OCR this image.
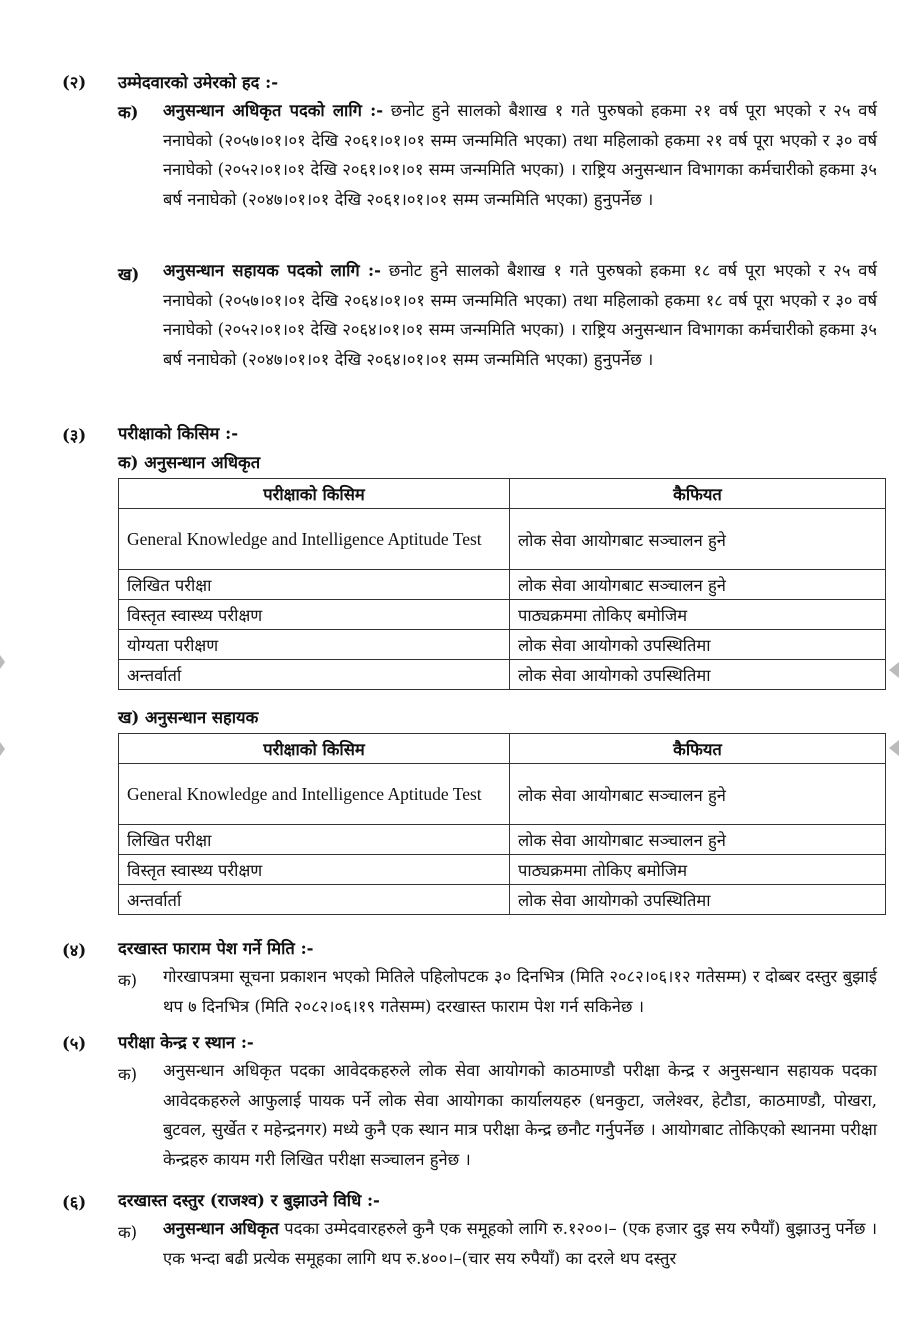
(२) उम्मेदवारको उमेरको हद :-
क) अनुसन्धान अधिकृत पदको लागि :- छनोट हुने सालको बैशाख १ गते पुरुषको हकमा २१ वर्ष पूरा भएको र २५ वर्ष ननाघेको (२०५७।०१।०१ देखि २०६१।०१।०१ सम्म जन्ममिति भएका) तथा महिलाको हकमा २१ वर्ष पूरा भएको र ३० वर्ष ननाघेको (२०५२।०१।०१ देखि २०६१।०१।०१ सम्म जन्ममिति भएका) । राष्ट्रिय अनुसन्धान विभागका कर्मचारीको हकमा ३५ बर्ष ननाघेको (२०४७।०१।०१ देखि २०६१।०१।०१ सम्म जन्ममिति भएका) हुनुपर्नेछ ।
ख) अनुसन्धान सहायक पदको लागि :- छनोट हुने सालको बैशाख १ गते पुरुषको हकमा १८ वर्ष पूरा भएको र २५ वर्ष ननाघेको (२०५७।०१।०१ देखि २०६४।०१।०१ सम्म जन्ममिति भएका) तथा महिलाको हकमा १८ वर्ष पूरा भएको र ३० वर्ष ननाघेको (२०५२।०१।०१ देखि २०६४।०१।०१ सम्म जन्ममिति भएका) । राष्ट्रिय अनुसन्धान विभागका कर्मचारीको हकमा ३५ बर्ष ननाघेको (२०४७।०१।०१ देखि २०६४।०१।०१ सम्म जन्ममिति भएका) हुनुपर्नेछ ।
(३) परीक्षाको किसिम :-
क) अनुसन्धान अधिकृत
परीक्षाको किसिम	कैफियत
General Knowledge and Intelligence Aptitude Test	लोक सेवा आयोगबाट सञ्चालन हुने
लिखित परीक्षा	लोक सेवा आयोगबाट सञ्चालन हुने
विस्तृत स्वास्थ्य परीक्षण	पाठ्यक्रममा तोकिए बमोजिम
योग्यता परीक्षण	लोक सेवा आयोगको उपस्थितिमा
अन्तर्वार्ता	लोक सेवा आयोगको उपस्थितिमा
ख) अनुसन्धान सहायक
परीक्षाको किसिम	कैफियत
General Knowledge and Intelligence Aptitude Test	लोक सेवा आयोगबाट सञ्चालन हुने
लिखित परीक्षा	लोक सेवा आयोगबाट सञ्चालन हुने
विस्तृत स्वास्थ्य परीक्षण	पाठ्यक्रममा तोकिए बमोजिम
अन्तर्वार्ता	लोक सेवा आयोगको उपस्थितिमा
(४) दरखास्त फाराम पेश गर्ने मिति :-
क) गोरखापत्रमा सूचना प्रकाशन भएको मितिले पहिलोपटक ३० दिनभित्र (मिति २०८२।०६।१२ गतेसम्म) र दोब्बर दस्तुर बुझाई थप ७ दिनभित्र (मिति २०८२।०६।१९ गतेसम्म) दरखास्त फाराम पेश गर्न सकिनेछ ।
(५) परीक्षा केन्द्र र स्थान :-
क) अनुसन्धान अधिकृत पदका आवेदकहरुले लोक सेवा आयोगको काठमाण्डौ परीक्षा केन्द्र र अनुसन्धान सहायक पदका आवेदकहरुले आफुलाई पायक पर्ने लोक सेवा आयोगका कार्यालयहरु (धनकुटा, जलेश्वर, हेटौडा, काठमाण्डौ, पोखरा, बुटवल, सुर्खेत र महेन्द्रनगर) मध्ये कुनै एक स्थान मात्र परीक्षा केन्द्र छनौट गर्नुपर्नेछ । आयोगबाट तोकिएको स्थानमा परीक्षा केन्द्रहरु कायम गरी लिखित परीक्षा सञ्चालन हुनेछ ।
(६) दरखास्त दस्तुर (राजश्व) र बुझाउने विधि :-
क) अनुसन्धान अधिकृत पदका उम्मेदवारहरुले कुनै एक समूहको लागि रु.१२००।– (एक हजार दुइ सय रुपैयाँ) बुझाउनु पर्नेछ । एक भन्दा बढी प्रत्येक समूहका लागि थप रु.४००।–(चार सय रुपैयाँ) का दरले थप दस्तुर
